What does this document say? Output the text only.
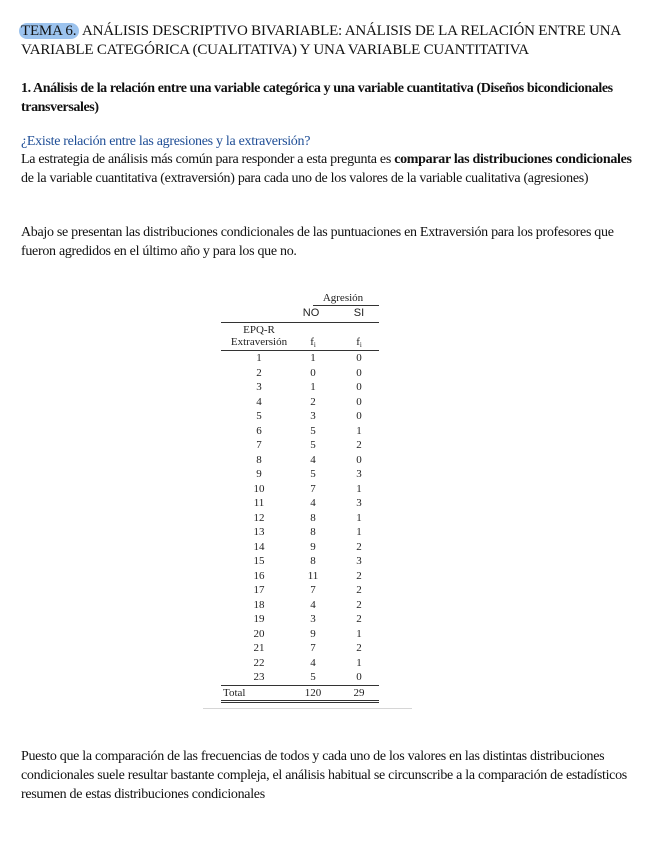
TEMA 6. ANÁLISIS DESCRIPTIVO BIVARIABLE: ANÁLISIS DE LA RELACIÓN ENTRE UNA VARIABLE CATEGÓRICA (CUALITATIVA) Y UNA VARIABLE CUANTITATIVA
1. Análisis de la relación entre una variable categórica y una variable cuantitativa (Diseños bicondicionales transversales)
¿Existe relación entre las agresiones y la extraversión?
La estrategia de análisis más común para responder a esta pregunta es comparar las distribuciones condicionales de la variable cuantitativa (extraversión) para cada uno de los valores de la variable cualitativa (agresiones)
Abajo se presentan las distribuciones condicionales de las puntuaciones en Extraversión para los profesores que fueron agredidos en el último año y para los que no.
Agresión
NO	SI
EPQ-R
Extraversión	$f_i$	$f_i$
1	1	0
2	0	0
3	1	0
4	2	0
5	3	0
6	5	1
7	5	2
8	4	0
9	5	3
10	7	1
11	4	3
12	8	1
13	8	1
14	9	2
15	8	3
16	11	2
17	7	2
18	4	2
19	3	2
20	9	1
21	7	2
22	4	1
23	5	0
Total	120	29
Puesto que la comparación de las frecuencias de todos y cada uno de los valores en las distintas distribuciones condicionales suele resultar bastante compleja, el análisis habitual se circunscribe a la comparación de estadísticos resumen de estas distribuciones condicionales
